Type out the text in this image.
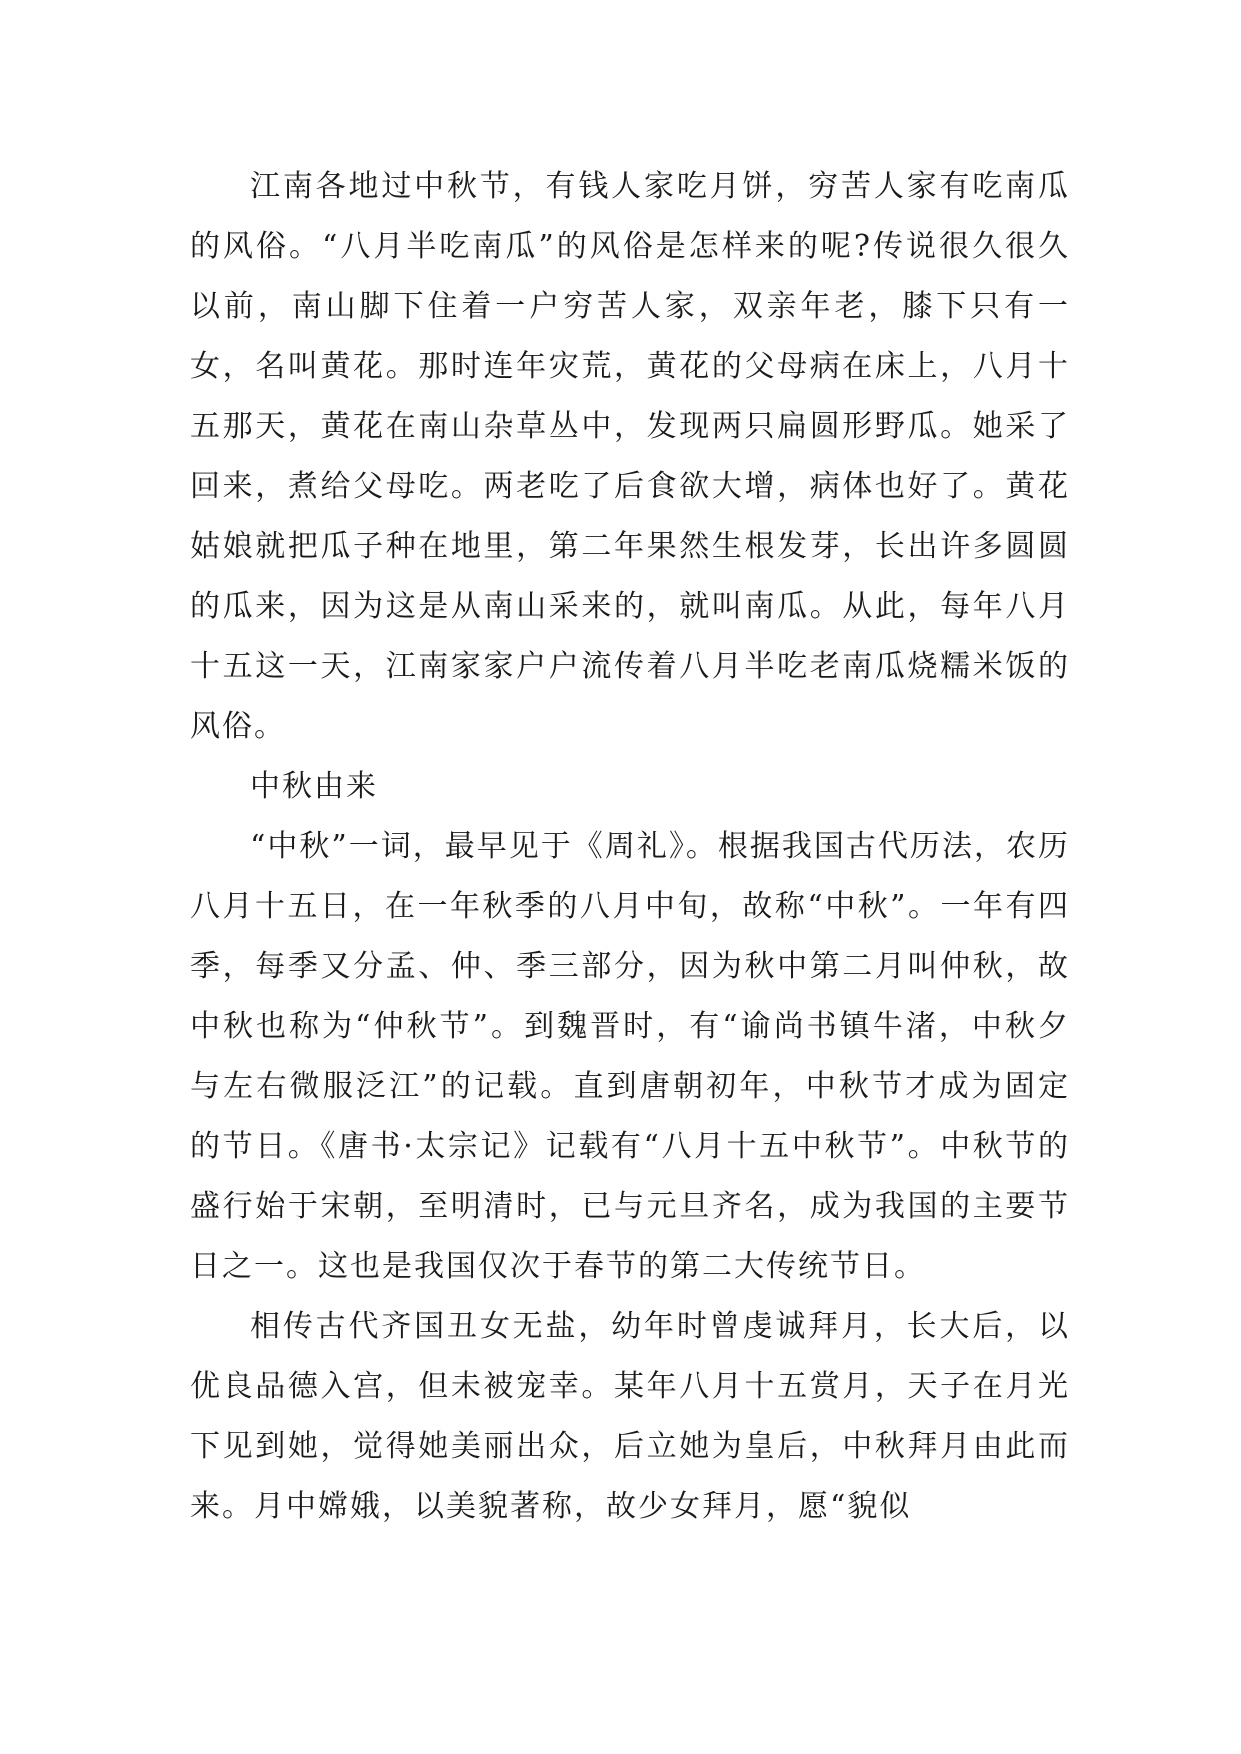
江南各地过中秋节，有钱人家吃月饼，穷苦人家有吃南瓜的风俗。“八月半吃南瓜”的风俗是怎样来的呢?传说很久很久以前，南山脚下住着一户穷苦人家，双亲年老，膝下只有一女，名叫黄花。那时连年灾荒，黄花的父母病在床上，八月十五那天，黄花在南山杂草丛中，发现两只扁圆形野瓜。她采了回来，煮给父母吃。两老吃了后食欲大增，病体也好了。黄花姑娘就把瓜子种在地里，第二年果然生根发芽，长出许多圆圆的瓜来，因为这是从南山采来的，就叫南瓜。从此，每年八月十五这一天，江南家家户户流传着八月半吃老南瓜烧糯米饭的风俗。

中秋由来

“中秋”一词，最早见于《周礼》。根据我国古代历法，农历八月十五日，在一年秋季的八月中旬，故称“中秋”。一年有四季，每季又分孟、仲、季三部分，因为秋中第二月叫仲秋，故中秋也称为“仲秋节”。到魏晋时，有“谕尚书镇牛渚，中秋夕与左右微服泛江”的记载。直到唐朝初年，中秋节才成为固定的节日。《唐书·太宗记》记载有“八月十五中秋节”。中秋节的盛行始于宋朝，至明清时，已与元旦齐名，成为我国的主要节日之一。这也是我国仅次于春节的第二大传统节日。

相传古代齐国丑女无盐，幼年时曾虔诚拜月，长大后，以优良品德入宫，但未被宠幸。某年八月十五赏月，天子在月光下见到她，觉得她美丽出众，后立她为皇后，中秋拜月由此而来。月中嫦娥，以美貌著称，故少女拜月，愿“貌似
